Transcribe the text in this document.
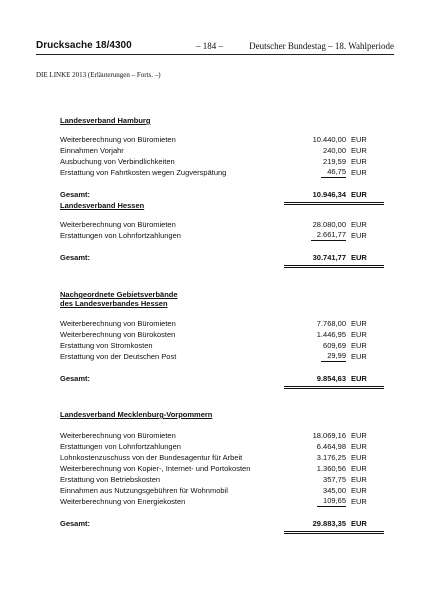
Drucksache 18/4300	– 184 –	Deutscher Bundestag – 18. Wahlperiode
DIE LINKE 2013 (Erläuterungen – Forts. –)
Landesverband Hamburg
Weiterberechnung von Büromieten	10.440,00 EUR
Einnahmen Vorjahr	240,00 EUR
Ausbuchung von Verbindlichkeiten	219,59 EUR
Erstattung von Fahrtkosten wegen Zugverspätung	46,75 EUR
Gesamt:	10.946,34 EUR
Landesverband Hessen
Weiterberechnung von Büromieten	28.080,00 EUR
Erstattungen von Lohnfortzahlungen	2.661,77 EUR
Gesamt:	30.741,77 EUR
Nachgeordnete Gebietsverbände
des Landesverbandes Hessen
Weiterberechnung von Büromieten	7.768,00 EUR
Weiterberechnung von Bürokosten	1.446,95 EUR
Erstattung von Stromkosten	609,69 EUR
Erstattung von der Deutschen Post	29,99 EUR
Gesamt:	9.854,63 EUR
Landesverband Mecklenburg-Vorpommern
Weiterberechnung von Büromieten	18.069,16 EUR
Erstattungen von Lohnfortzahlungen	6.464,98 EUR
Lohnkostenzuschuss von der Bundesagentur für Arbeit	3.176,25 EUR
Weiterberechnung von Kopier-, Internet- und Portokosten	1.360,56 EUR
Erstattung von Betriebskosten	357,75 EUR
Einnahmen aus Nutzungsgebühren für Wohnmobil	345,00 EUR
Weiterberechnung von Energiekosten	109,65 EUR
Gesamt:	29.883,35 EUR
